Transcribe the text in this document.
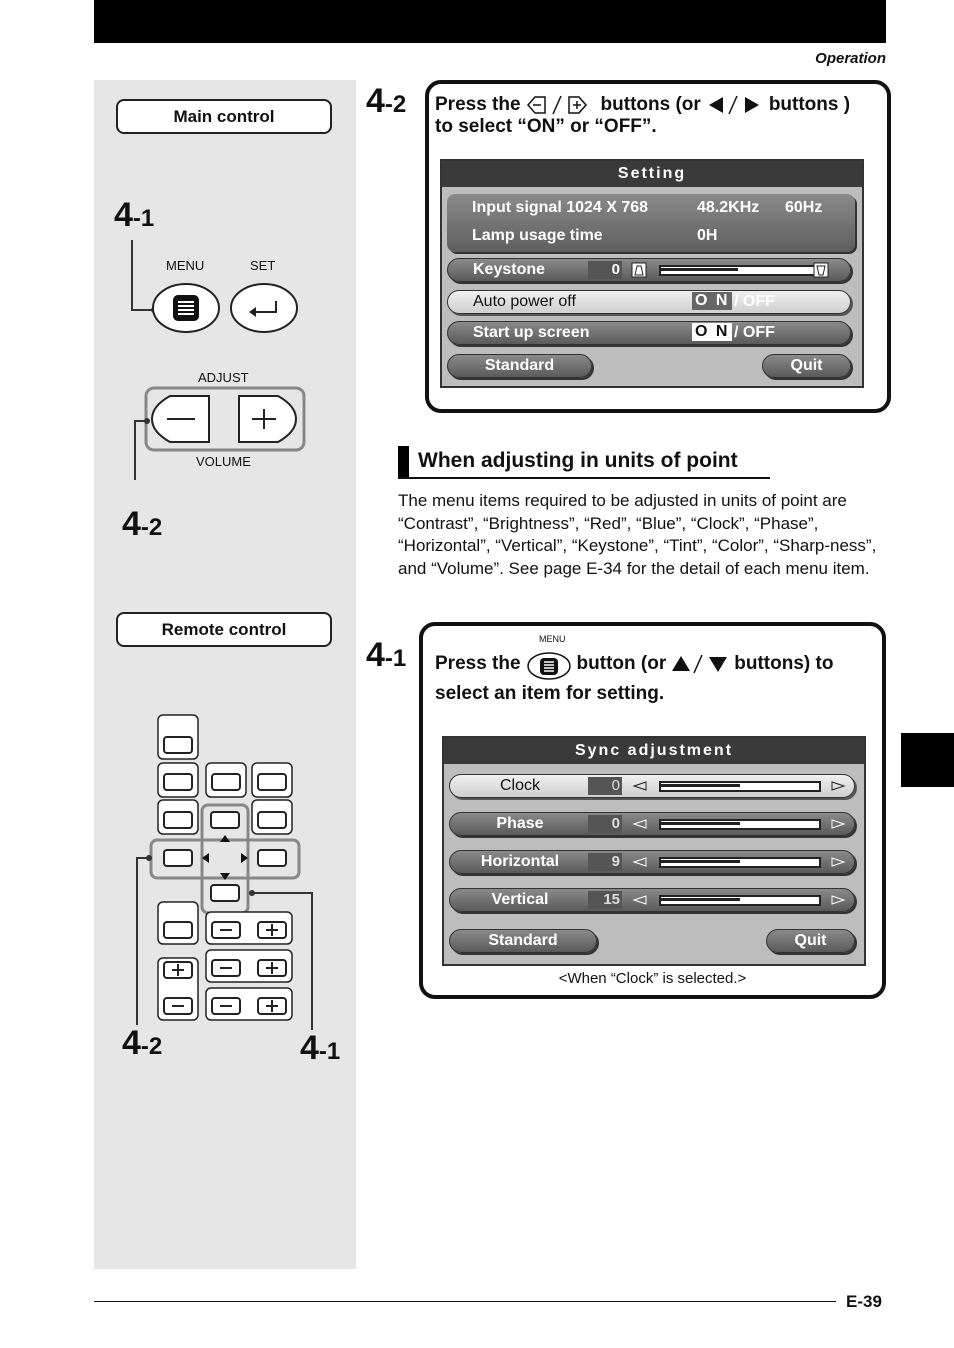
Operation
Main control
4-1
MENU	SET
ADJUST
VOLUME
4-2
Remote control
4-2	4-1
4-2 Press the	buttons (or	buttons )
to select “ON” or “OFF”.
Setting
Input signal 1024 X 768	48.2KHz 60Hz
Lamp usage time	0H
Keystone	0
Auto power off	O N / OFF
Start up screen	O N / OFF
Standard	Quit
When adjusting in units of point
The menu items required to be adjusted in units of point are “Contrast”, “Brightness”, “Red”, “Blue”, “Clock”, “Phase”, “Horizontal”, “Vertical”, “Keystone”, “Tint”, “Color”, “Sharp-ness”, and “Volume”. See page E-34 for the detail of each menu item.
4-1
MENU
Press the	button (or	buttons) to
select an item for setting.
Sync adjustment
Clock	0
Phase	0
Horizontal	9
Vertical	15
Standard	Quit
<When “Clock” is selected.>
E-39
